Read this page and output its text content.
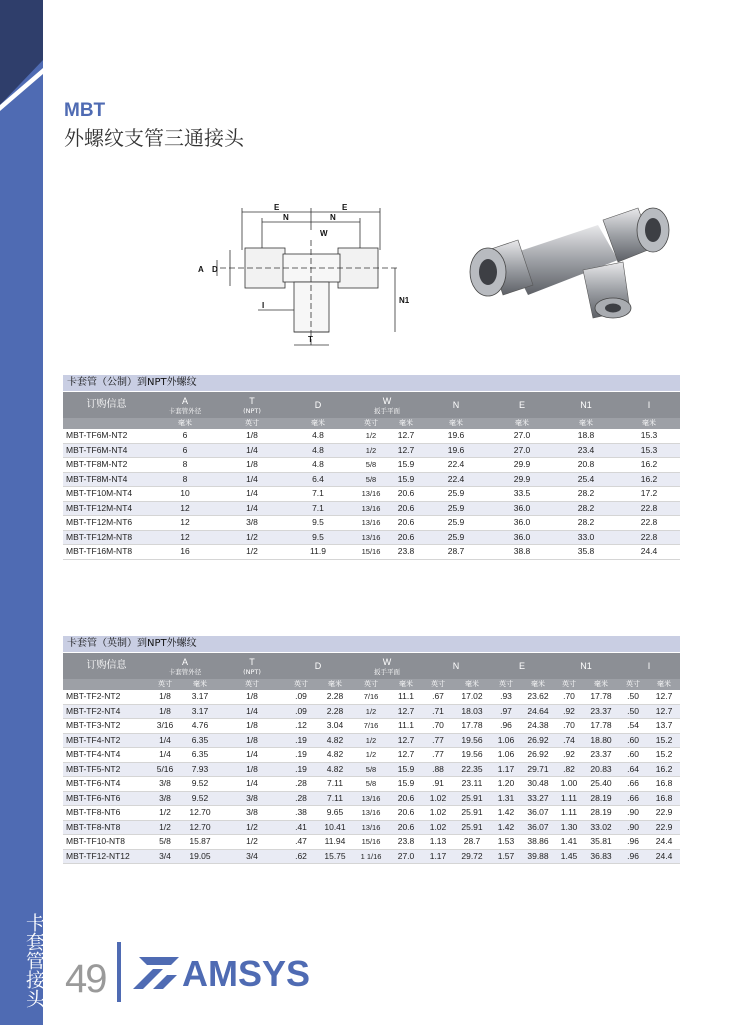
卡套管接头
MBT
外螺纹支管三通接头
E	E
N	N
W
A D
I
N1
T
卡套管（公制）到NPT外螺纹
订购信息	A
卡套管外径	T
(NPT)	D	W
扳手平面		N	E	N1	I
	毫米	英寸	毫米	英寸	毫米	毫米	毫米	毫米	毫米
MBT-TF6M-NT2	6	1/8	4.8	1/2	12.7	19.6	27.0	18.8	15.3
MBT-TF6M-NT4	6	1/4	4.8	1/2	12.7	19.6	27.0	23.4	15.3
MBT-TF8M-NT2	8	1/8	4.8	5/8	15.9	22.4	29.9	20.8	16.2
MBT-TF8M-NT4	8	1/4	6.4	5/8	15.9	22.4	29.9	25.4	16.2
MBT-TF10M-NT4	10	1/4	7.1	13/16	20.6	25.9	33.5	28.2	17.2
MBT-TF12M-NT4	12	1/4	7.1	13/16	20.6	25.9	36.0	28.2	22.8
MBT-TF12M-NT6	12	3/8	9.5	13/16	20.6	25.9	36.0	28.2	22.8
MBT-TF12M-NT8	12	1/2	9.5	13/16	20.6	25.9	36.0	33.0	22.8
MBT-TF16M-NT8	16	1/2	11.9	15/16	23.8	28.7	38.8	35.8	24.4
卡套管（英制）到NPT外螺纹
订购信息	A
卡套管外径		T
(NPT)	D		W
扳手平面		N		E		N1		I	
	英寸	毫米	英寸	英寸	毫米	英寸	毫米	英寸	毫米	英寸	毫米	英寸	毫米	英寸	毫米
MBT-TF2-NT2	1/8	3.17	1/8	.09	2.28	7/16	11.1	.67	17.02	.93	23.62	.70	17.78	.50	12.7
MBT-TF2-NT4	1/8	3.17	1/4	.09	2.28	1/2	12.7	.71	18.03	.97	24.64	.92	23.37	.50	12.7
MBT-TF3-NT2	3/16	4.76	1/8	.12	3.04	7/16	11.1	.70	17.78	.96	24.38	.70	17.78	.54	13.7
MBT-TF4-NT2	1/4	6.35	1/8	.19	4.82	1/2	12.7	.77	19.56	1.06	26.92	.74	18.80	.60	15.2
MBT-TF4-NT4	1/4	6.35	1/4	.19	4.82	1/2	12.7	.77	19.56	1.06	26.92	.92	23.37	.60	15.2
MBT-TF5-NT2	5/16	7.93	1/8	.19	4.82	5/8	15.9	.88	22.35	1.17	29.71	.82	20.83	.64	16.2
MBT-TF6-NT4	3/8	9.52	1/4	.28	7.11	5/8	15.9	.91	23.11	1.20	30.48	1.00	25.40	.66	16.8
MBT-TF6-NT6	3/8	9.52	3/8	.28	7.11	13/16	20.6	1.02	25.91	1.31	33.27	1.11	28.19	.66	16.8
MBT-TF8-NT6	1/2	12.70	3/8	.38	9.65	13/16	20.6	1.02	25.91	1.42	36.07	1.11	28.19	.90	22.9
MBT-TF8-NT8	1/2	12.70	1/2	.41	10.41	13/16	20.6	1.02	25.91	1.42	36.07	1.30	33.02	.90	22.9
MBT-TF10-NT8	5/8	15.87	1/2	.47	11.94	15/16	23.8	1.13	28.7	1.53	38.86	1.41	35.81	.96	24.4
MBT-TF12-NT12	3/4	19.05	3/4	.62	15.75	1 1/16	27.0	1.17	29.72	1.57	39.88	1.45	36.83	.96	24.4
49 AMSYS
